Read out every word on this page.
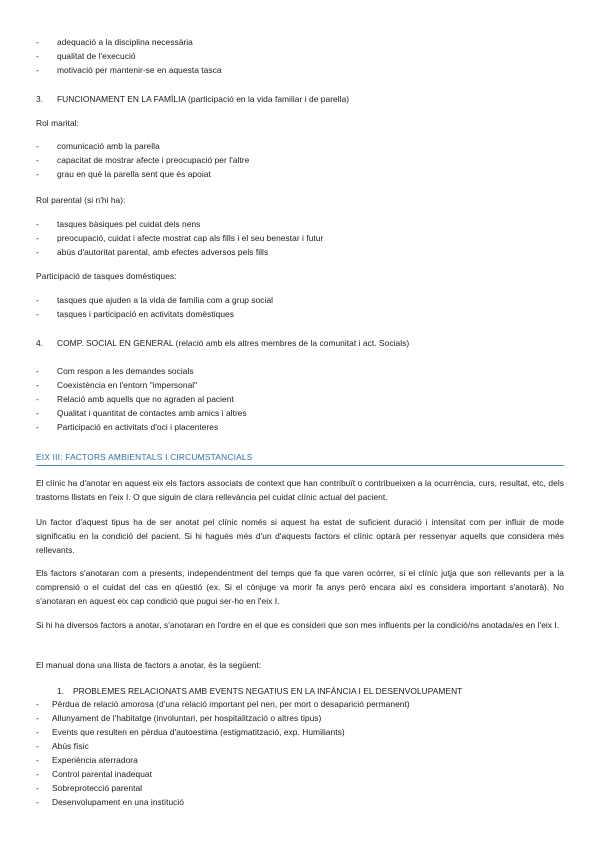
- adequació a la disciplina necessària
- qualitat de l'execució
- motivació per mantenir-se en aquesta tasca
3. FUNCIONAMENT EN LA FAMÍLIA (participació en la vida familiar i de parella)
Rol marital:
- comunicació amb la parella
- capacitat de mostrar afecte i preocupació per l'altre
- grau en què la parella sent que és apoiat
Rol parental (si n'hi ha):
- tasques bàsiques pel cuidat dels nens
- preocupació, cuidat i afecte mostrat cap als fills i el seu benestar i futur
- abús d'autoritat parental, amb efectes adversos pels fills
Participació de tasques domèstiques:
- tasques que ajuden a la vida de família com a grup social
- tasques i participació en activitats domèstiques
4. COMP. SOCIAL EN GENERAL (relació amb els altres membres de la comunitat i act. Socials)
- Com respon a les demandes socials
- Coexistència en l'entorn "impersonal"
- Relació amb aquells que no agraden al pacient
- Qualitat i quantitat de contactes amb amics i altres
- Participació en activitats d'oci i placenteres
EIX III: FACTORS AMBIENTALS I CIRCUMSTANCIALS
El clínic ha d'anotar en aquest eix els factors associats de context que han contribuït o contribueixen a la ocurrència, curs, resultat, etc, dels trastorns llistats en l'eix I. O que siguin de clara rellevància pel cuidat clínic actual del pacient.
Un factor d'aquest tipus ha de ser anotat pel clínic només si aquest ha estat de suficient duració i intensitat com per influir de mode significatiu en la condició del pacient. Si hi hagués més d'un d'aquests factors el clínic optarà per ressenyar aquells que considera més rellevants.
Els factors s'anotaran com a presents, independentment del temps que fa que varen ocórrer, si el clínic jutja que son rellevants per a la comprensió o el cuidat del cas en qüestió (ex. Si el cònjuge va morir fa anys però encara així es considera important s'anotarà). No s'anotaran en aquest eix cap condició que pugui ser-ho en l'eix I.
Si hi ha diversos factors a anotar, s'anotaran en l'ordre en el que es consideri que son mes influents per la condició/ns anotada/es en l'eix I.
El manual dona una llista de factors a anotar, és la següent:
1. PROBLEMES RELACIONATS AMB EVENTS NEGATIUS EN LA INFÀNCIA I EL DESENVOLUPAMENT
- Pèrdua de relació amorosa (d'una relació important pel nen, per mort o desaparició permanent)
- Allunyament de l'habitatge (involuntari, per hospitalització o altres tipus)
- Events que resulten en pèrdua d'autoestima (estigmatització, exp. Humiliants)
- Abús físic
- Experiència aterradora
- Control parental inadequat
- Sobreprotecció parental
- Desenvolupament en una institució
